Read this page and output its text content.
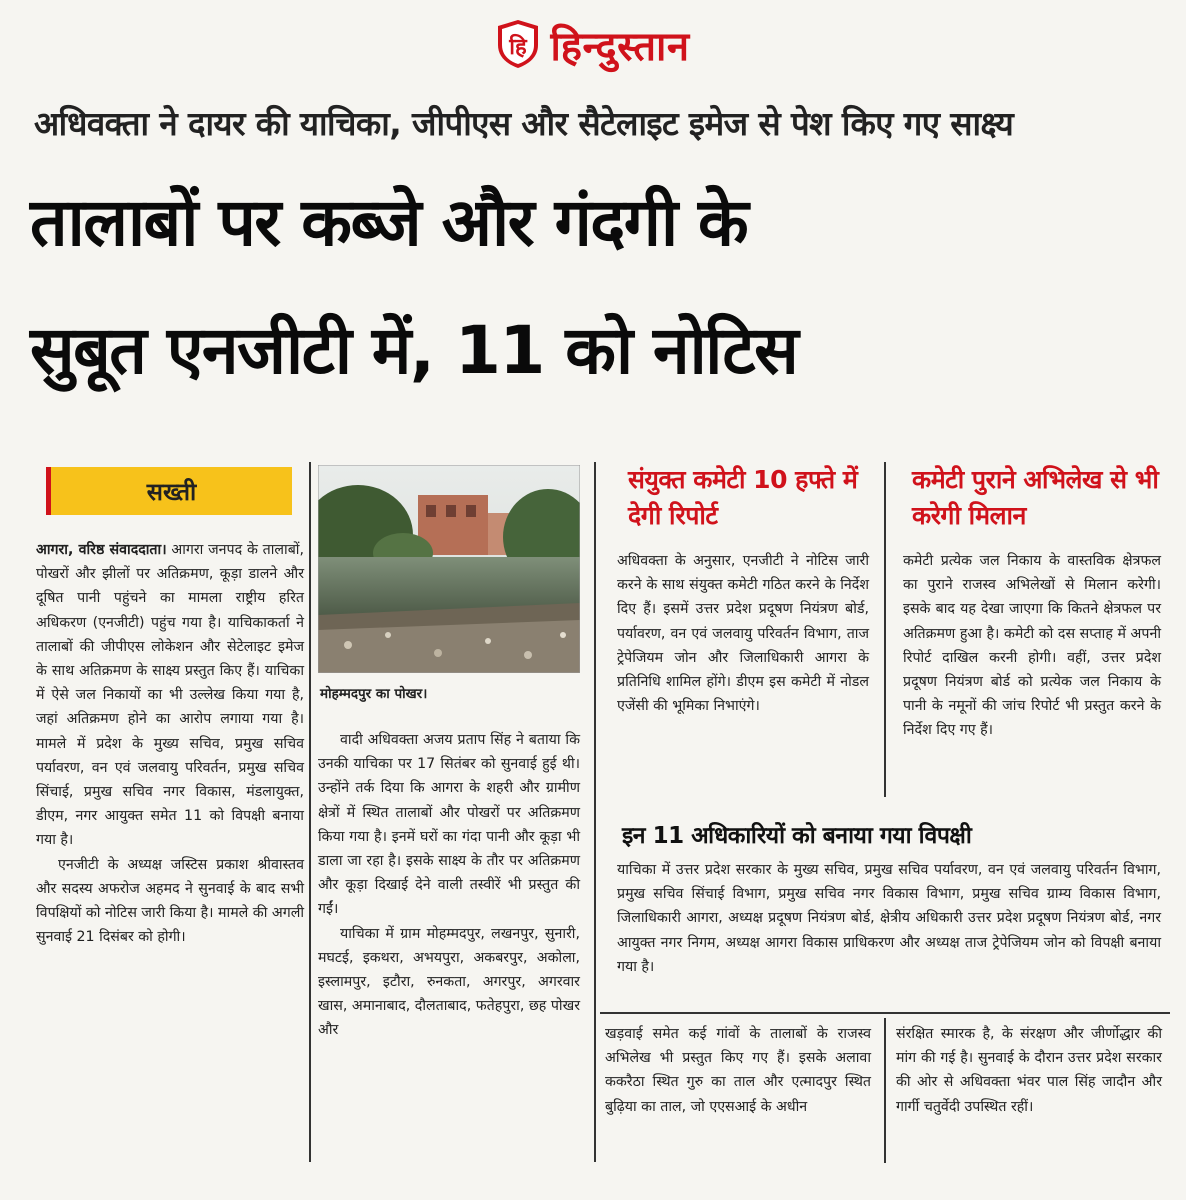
हि हिन्दुस्तान
अधिवक्ता ने दायर की याचिका, जीपीएस और सैटेलाइट इमेज से पेश किए गए साक्ष्य
तालाबों पर कब्जे और गंदगी के
सुबूत एनजीटी में, 11 को नोटिस
सख्ती

आगरा, वरिष्ठ संवाददाता। आगरा जनपद के तालाबों, पोखरों और झीलों पर अतिक्रमण, कूड़ा डालने और दूषित पानी पहुंचने का मामला राष्ट्रीय हरित अधिकरण (एनजीटी) पहुंच गया है। याचिकाकर्ता ने तालाबों की जीपीएस लोकेशन और सेटेलाइट इमेज के साथ अतिक्रमण के साक्ष्य प्रस्तुत किए हैं। याचिका में ऐसे जल निकायों का भी उल्लेख किया गया है, जहां अतिक्रमण होने का आरोप लगाया गया है। मामले में प्रदेश के मुख्य सचिव, प्रमुख सचिव पर्यावरण, वन एवं जलवायु परिवर्तन, प्रमुख सचिव सिंचाई, प्रमुख सचिव नगर विकास, मंडलायुक्त, डीएम, नगर आयुक्त समेत 11 को विपक्षी बनाया गया है।

एनजीटी के अध्यक्ष जस्टिस प्रकाश श्रीवास्तव और सदस्य अफरोज अहमद ने सुनवाई के बाद सभी विपक्षियों को नोटिस जारी किया है। मामले की अगली सुनवाई 21 दिसंबर को होगी।

मोहम्मदपुर का पोखर।

वादी अधिवक्ता अजय प्रताप सिंह ने बताया कि उनकी याचिका पर 17 सितंबर को सुनवाई हुई थी। उन्होंने तर्क दिया कि आगरा के शहरी और ग्रामीण क्षेत्रों में स्थित तालाबों और पोखरों पर अतिक्रमण किया गया है। इनमें घरों का गंदा पानी और कूड़ा भी डाला जा रहा है। इसके साक्ष्य के तौर पर अतिक्रमण और कूड़ा दिखाई देने वाली तस्वीरें भी प्रस्तुत की गईं।

याचिका में ग्राम मोहम्मदपुर, लखनपुर, सुनारी, मघटई, इकथरा, अभयपुरा, अकबरपुर, अकोला, इस्लामपुर, इटौरा, रुनकता, अगरपुर, अगरवार खास, अमानाबाद, दौलताबाद, फतेहपुरा, छह पोखर और

संयुक्त कमेटी 10 हफ्ते में देगी रिपोर्ट

अधिवक्ता के अनुसार, एनजीटी ने नोटिस जारी करने के साथ संयुक्त कमेटी गठित करने के निर्देश दिए हैं। इसमें उत्तर प्रदेश प्रदूषण नियंत्रण बोर्ड, पर्यावरण, वन एवं जलवायु परिवर्तन विभाग, ताज ट्रेपेजियम जोन और जिलाधिकारी आगरा के प्रतिनिधि शामिल होंगे। डीएम इस कमेटी में नोडल एजेंसी की भूमिका निभाएंगे।

कमेटी पुराने अभिलेख से भी करेगी मिलान

कमेटी प्रत्येक जल निकाय के वास्तविक क्षेत्रफल का पुराने राजस्व अभिलेखों से मिलान करेगी। इसके बाद यह देखा जाएगा कि कितने क्षेत्रफल पर अतिक्रमण हुआ है। कमेटी को दस सप्ताह में अपनी रिपोर्ट दाखिल करनी होगी। वहीं, उत्तर प्रदेश प्रदूषण नियंत्रण बोर्ड को प्रत्येक जल निकाय के पानी के नमूनों की जांच रिपोर्ट भी प्रस्तुत करने के निर्देश दिए गए हैं।

इन 11 अधिकारियों को बनाया गया विपक्षी

याचिका में उत्तर प्रदेश सरकार के मुख्य सचिव, प्रमुख सचिव पर्यावरण, वन एवं जलवायु परिवर्तन विभाग, प्रमुख सचिव सिंचाई विभाग, प्रमुख सचिव नगर विकास विभाग, प्रमुख सचिव ग्राम्य विकास विभाग, जिलाधिकारी आगरा, अध्यक्ष प्रदूषण नियंत्रण बोर्ड, क्षेत्रीय अधिकारी उत्तर प्रदेश प्रदूषण नियंत्रण बोर्ड, नगर आयुक्त नगर निगम, अध्यक्ष आगरा विकास प्राधिकरण और अध्यक्ष ताज ट्रेपेजियम जोन को विपक्षी बनाया गया है।

खड़वाई समेत कई गांवों के तालाबों के राजस्व अभिलेख भी प्रस्तुत किए गए हैं। इसके अलावा ककरैठा स्थित गुरु का ताल और एत्मादपुर स्थित बुढ़िया का ताल, जो एएसआई के अधीन

संरक्षित स्मारक है, के संरक्षण और जीर्णोद्धार की मांग की गई है। सुनवाई के दौरान उत्तर प्रदेश सरकार की ओर से अधिवक्ता भंवर पाल सिंह जादौन और गार्गी चतुर्वेदी उपस्थित रहीं।
